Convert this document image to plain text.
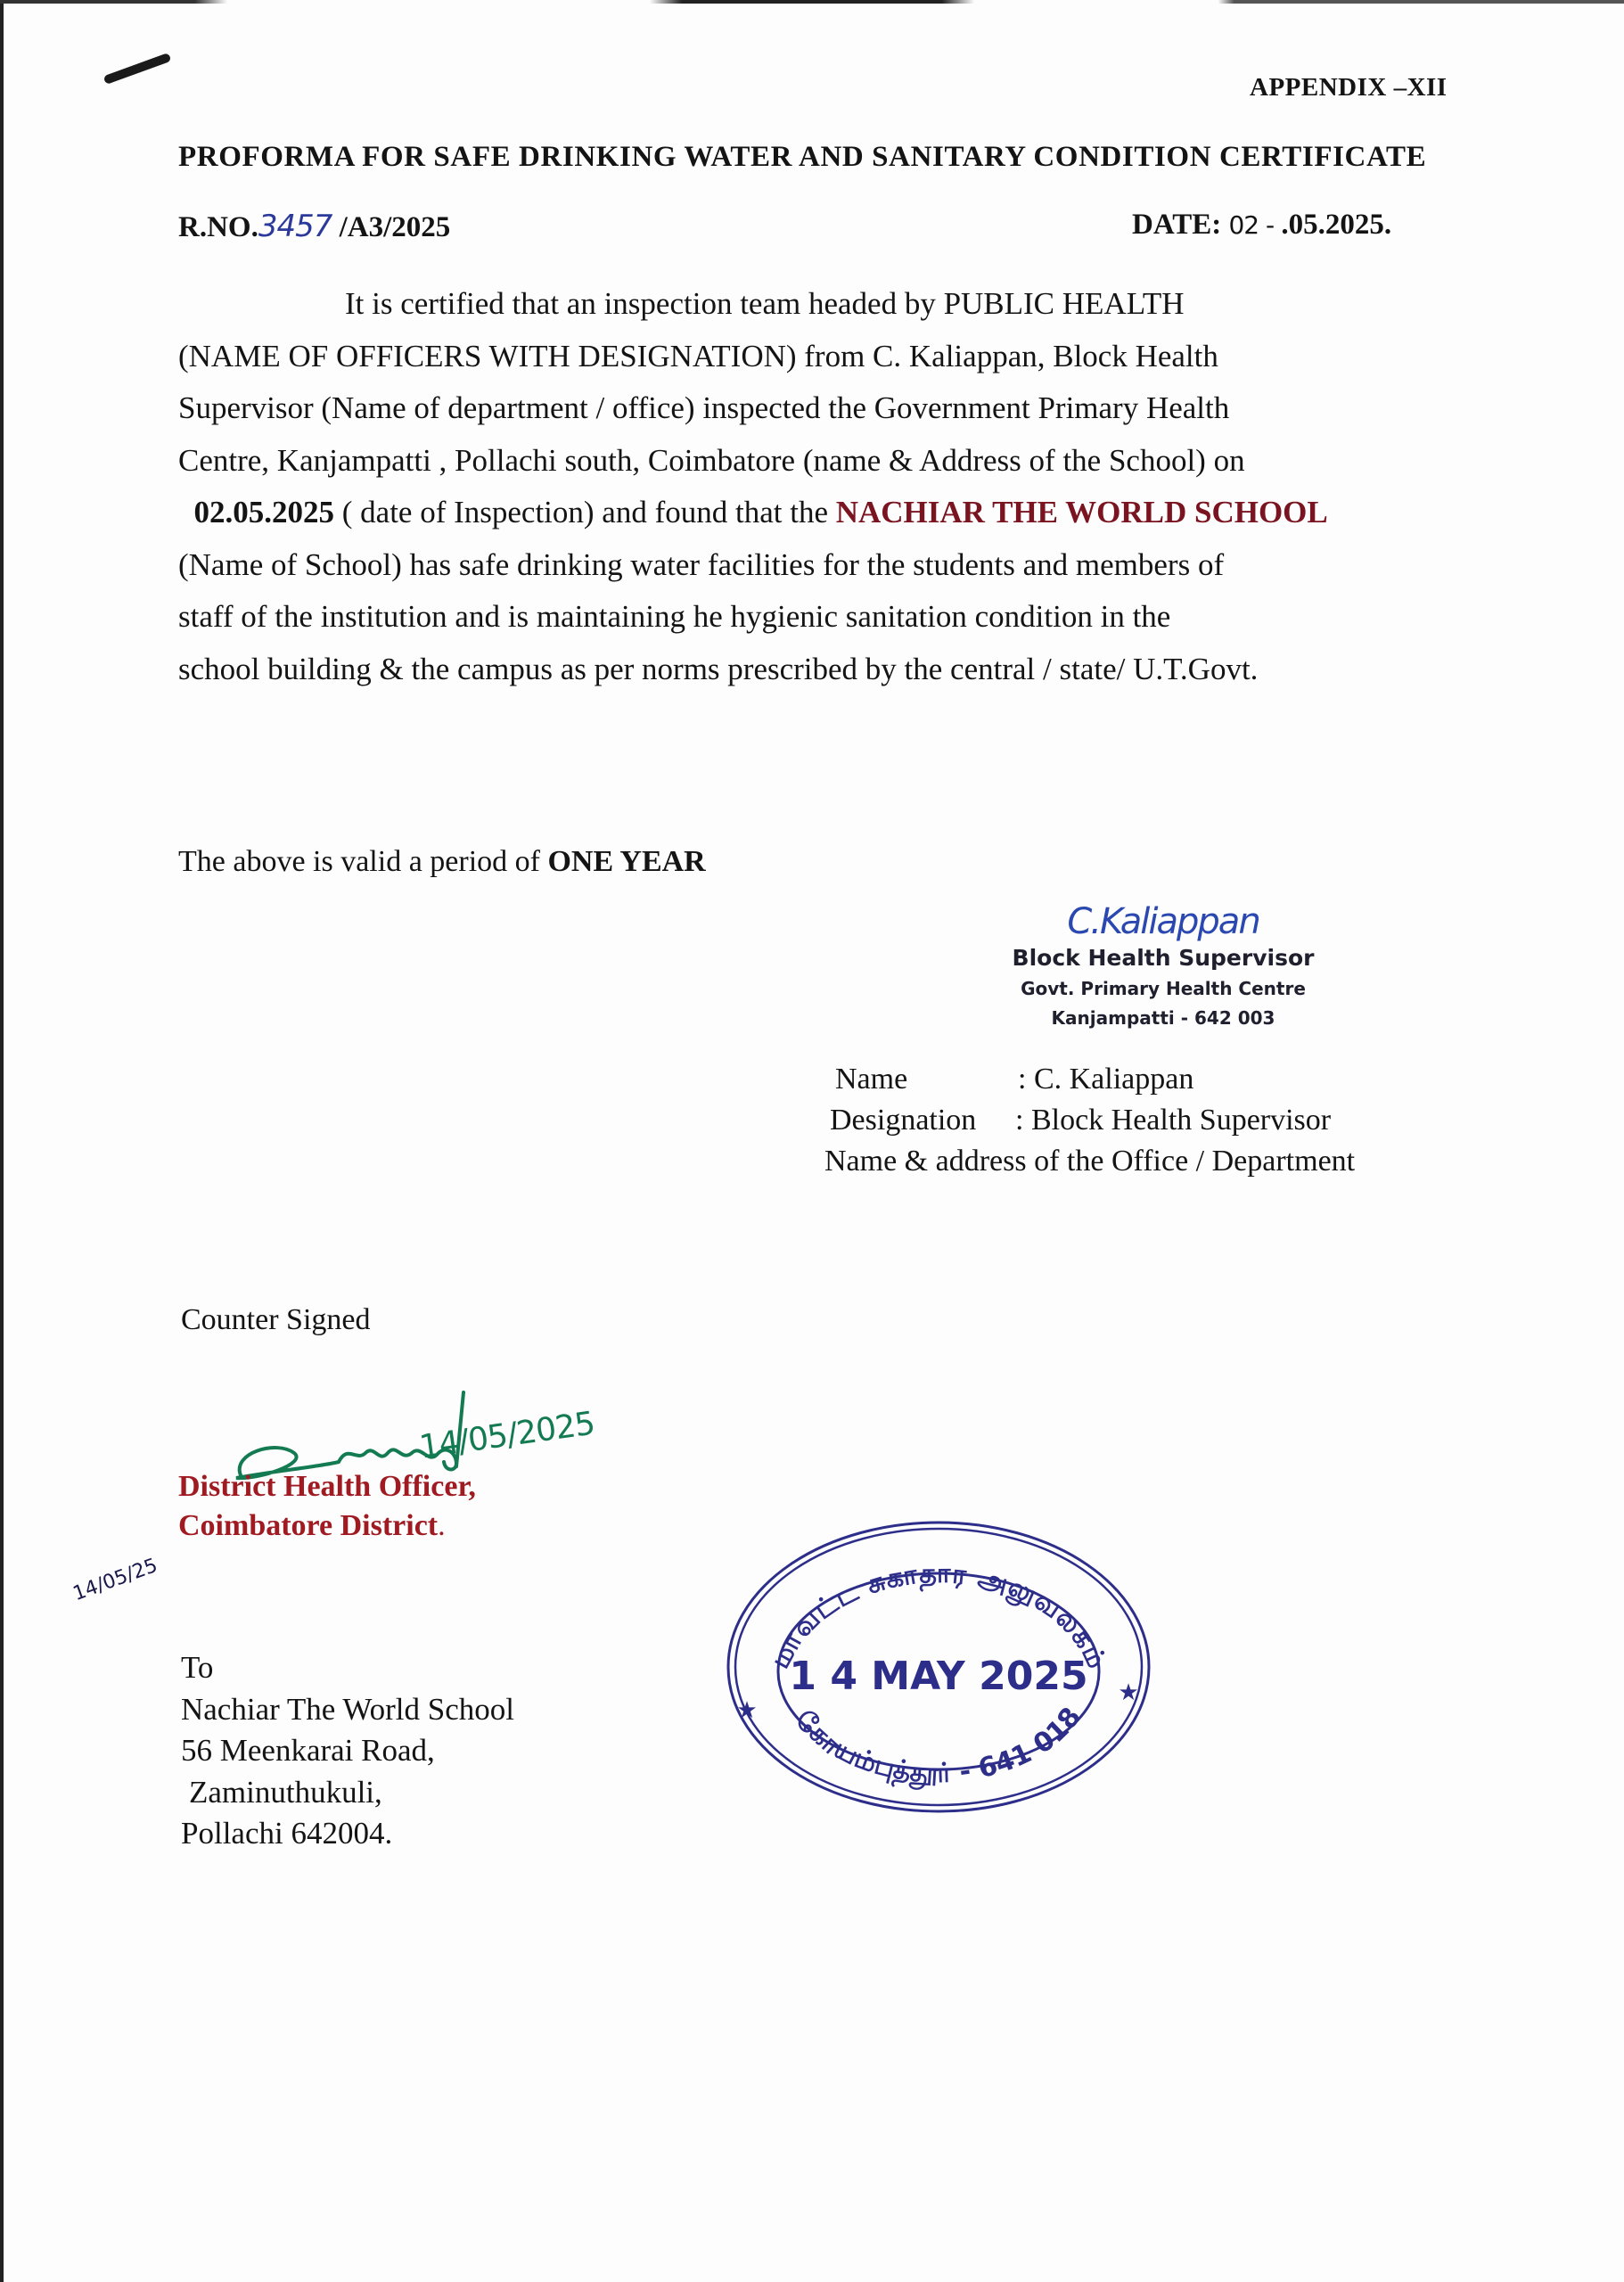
APPENDIX –XII
PROFORMA FOR SAFE DRINKING WATER AND SANITARY CONDITION CERTIFICATE
R.NO.3457 /A3/2025	DATE: 02 - .05.2025.
It is certified that an inspection team headed by PUBLIC HEALTH
(NAME OF OFFICERS WITH DESIGNATION) from C. Kaliappan, Block Health
Supervisor (Name of department / office) inspected the Government Primary Health
Centre, Kanjampatti , Pollachi south, Coimbatore (name & Address of the School) on
02.05.2025 ( date of Inspection) and found that the NACHIAR THE WORLD SCHOOL
(Name of School) has safe drinking water facilities for the students and members of
staff of the institution and is maintaining he hygienic sanitation condition in the
school building & the campus as per norms prescribed by the central / state/ U.T.Govt.
The above is valid a period of ONE YEAR
C.Kaliappan
Block Health Supervisor
Govt. Primary Health Centre
Kanjampatti - 642 003
Name	: C. Kaliappan
Designation : Block Health Supervisor
Name & address of the Office / Department
Counter Signed
14/05/2025
District Health Officer,
Coimbatore District.
14/05/25
மாவட்ட சுகாதார அலுவலகம்
கோயம்புத்தூர் - 641 018
1 4 MAY 2025
★
★
To
Nachiar The World School
56 Meenkarai Road,
Zaminuthukuli,
Pollachi 642004.
